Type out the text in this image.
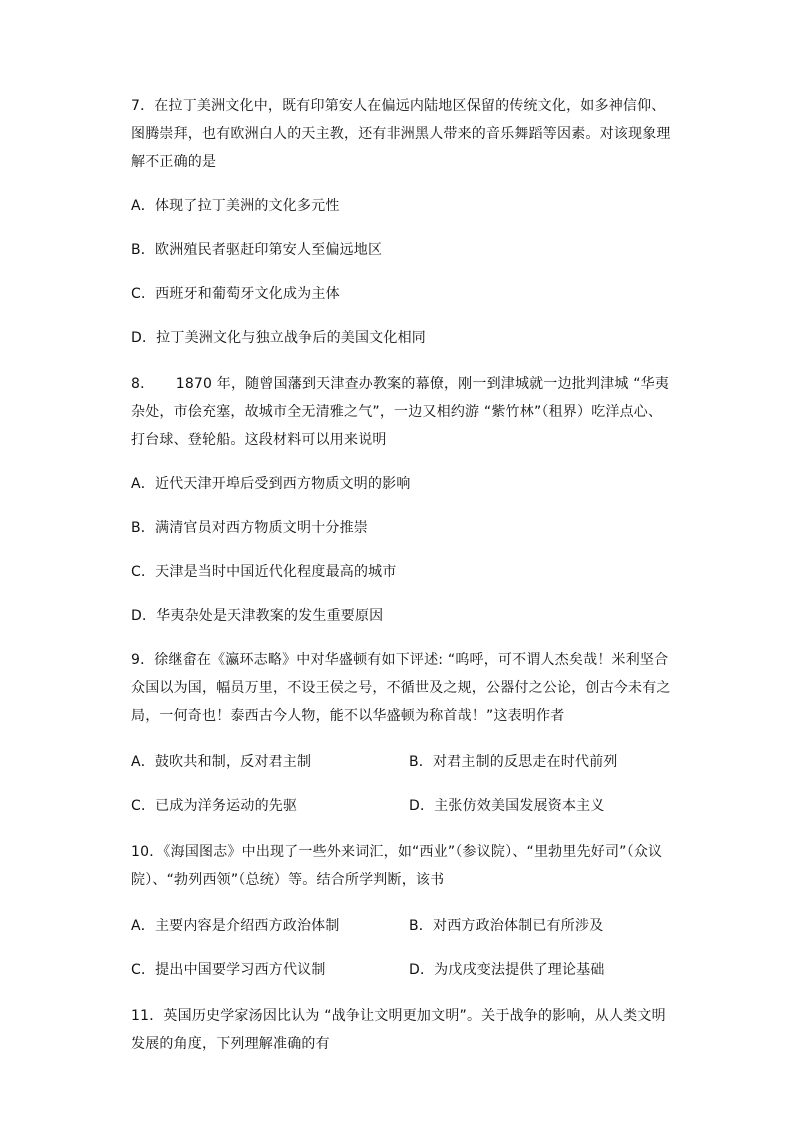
7．在拉丁美洲文化中，既有印第安人在偏远内陆地区保留的传统文化，如多神信仰、
图腾崇拜，也有欧洲白人的天主教，还有非洲黑人带来的音乐舞蹈等因素。对该现象理
解不正确的是
A．体现了拉丁美洲的文化多元性
B．欧洲殖民者驱赶印第安人至偏远地区
C．西班牙和葡萄牙文化成为主体
D．拉丁美洲文化与独立战争后的美国文化相同
8．　　1870 年，随曾国藩到天津查办教案的幕僚，刚一到津城就一边批判津城 “华夷
杂处，市侩充塞，故城市全无清雅之气”，一边又相约游 “紫竹林”（租界）吃洋点心、
打台球、登轮船。这段材料可以用来说明
A．近代天津开埠后受到西方物质文明的影响
B．满清官员对西方物质文明十分推崇
C．天津是当时中国近代化程度最高的城市
D．华夷杂处是天津教案的发生重要原因
9．徐继畲在《瀛环志略》中对华盛顿有如下评述: “呜呼，可不谓人杰矣哉！米利坚合
众国以为国，幅员万里，不设王侯之号，不循世及之规，公器付之公论，创古今未有之
局，一何奇也！泰西古今人物，能不以华盛顿为称首哉！”这表明作者
A．鼓吹共和制，反对君主制	B．对君主制的反思走在时代前列
C．已成为洋务运动的先驱	D．主张仿效美国发展资本主义
10．《海国图志》中出现了一些外来词汇，如“西业”（参议院）、“里勃里先好司”（众议
院）、“勃列西领”（总统）等。结合所学判断，该书
A．主要内容是介绍西方政治体制	B．对西方政治体制已有所涉及
C．提出中国要学习西方代议制	D．为戊戌变法提供了理论基础
11．英国历史学家汤因比认为 “战争让文明更加文明”。关于战争的影响，从人类文明
发展的角度，下列理解准确的有
